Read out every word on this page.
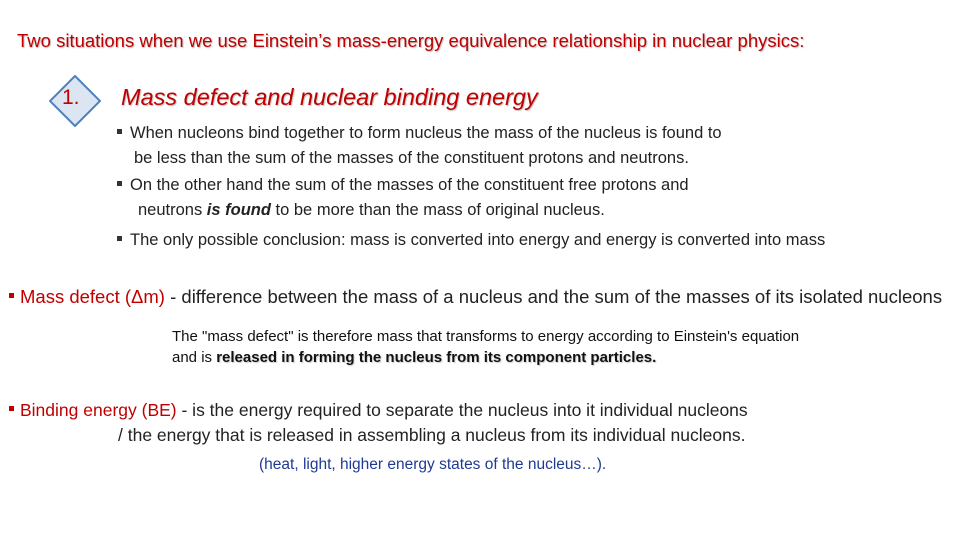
Two situations when we use Einstein’s mass-energy equivalence relationship in nuclear physics:
1. Mass defect and nuclear binding energy
When nucleons bind together to form nucleus the mass of the nucleus is found to
be less than the sum of the masses of the constituent protons and neutrons.
On the other hand the sum of the masses of the constituent free protons and
neutrons is found to be more than the mass of original nucleus.
The only possible conclusion: mass is converted into energy and energy is converted into mass
Mass defect (Δm) - difference between the mass of a nucleus and the sum of the masses of its isolated nucleons
The "mass defect" is therefore mass that transforms to energy according to Einstein's equation
and is released in forming the nucleus from its component particles.
Binding energy (BE) - is the energy required to separate the nucleus into it individual nucleons
/ the energy that is released in assembling a nucleus from its individual nucleons.
(heat, light, higher energy states of the nucleus…).
